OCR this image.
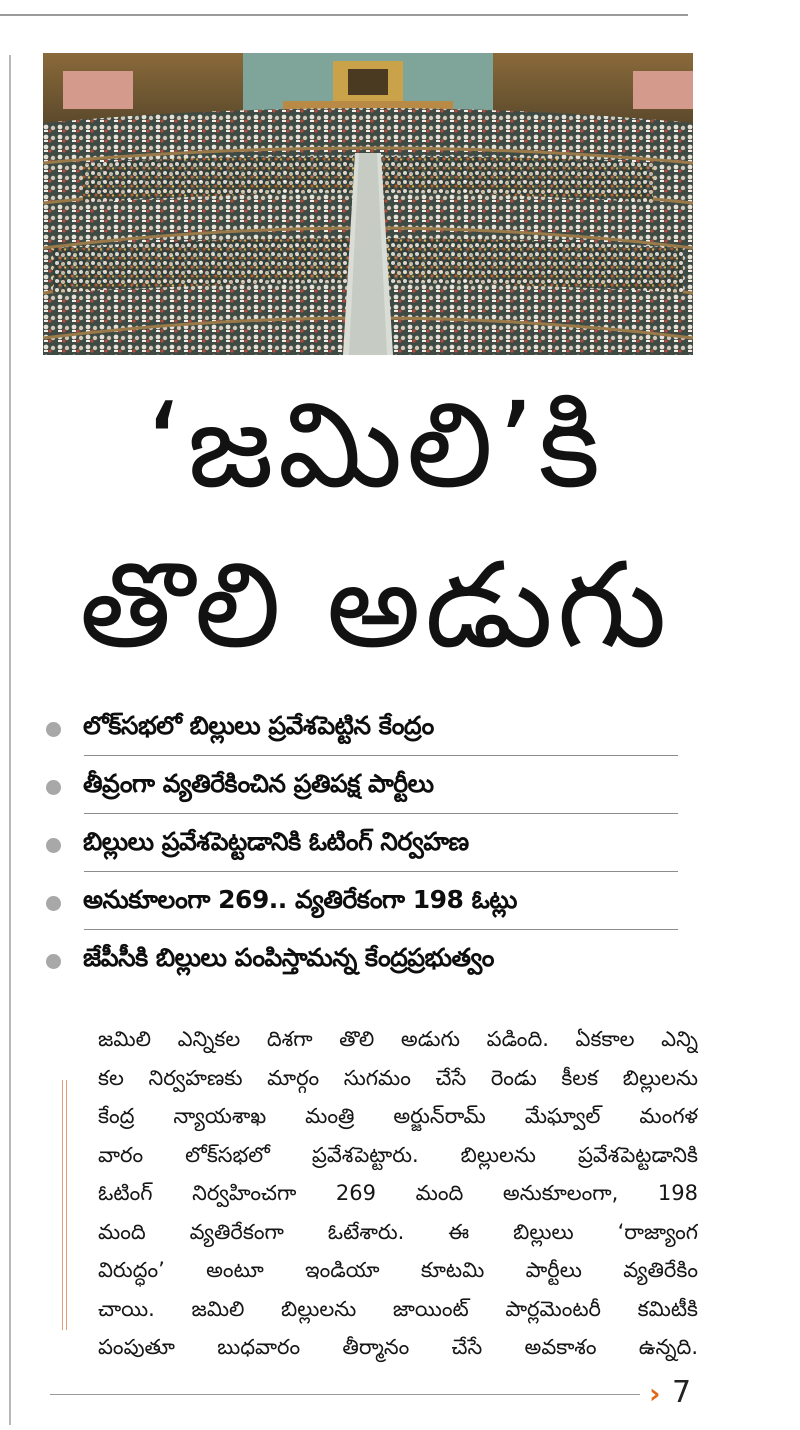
‘జమిలి’కి
తొలి అడుగు
లోక్‌సభలో బిల్లులు ప్రవేశపెట్టిన కేంద్రం
తీవ్రంగా వ్యతిరేకించిన ప్రతిపక్ష పార్టీలు
బిల్లులు ప్రవేశపెట్టడానికి ఓటింగ్ నిర్వహణ
అనుకూలంగా 269.. వ్యతిరేకంగా 198 ఓట్లు
జేపీసీకి బిల్లులు పంపిస్తామన్న కేంద్రప్రభుత్వం
జమిలి ఎన్నికల దిశగా తొలి అడుగు పడింది. ఏకకాల ఎన్ని
కల నిర్వహణకు మార్గం సుగమం చేసే రెండు కీలక బిల్లులను
కేంద్ర న్యాయశాఖ మంత్రి అర్జున్‌రామ్ మేఘ్వాల్ మంగళ
వారం లోక్‌సభలో ప్రవేశపెట్టారు. బిల్లులను ప్రవేశపెట్టడానికి
ఓటింగ్ నిర్వహించగా 269 మంది అనుకూలంగా, 198
మంది వ్యతిరేకంగా ఓటేశారు. ఈ బిల్లులు ‘రాజ్యాంగ
విరుద్ధం’ అంటూ ఇండియా కూటమి పార్టీలు వ్యతిరేకిం
చాయి. జమిలి బిల్లులను జాయింట్ పార్లమెంటరీ కమిటీకి
పంపుతూ బుధవారం తీర్మానం చేసే అవకాశం ఉన్నది.
› 7
